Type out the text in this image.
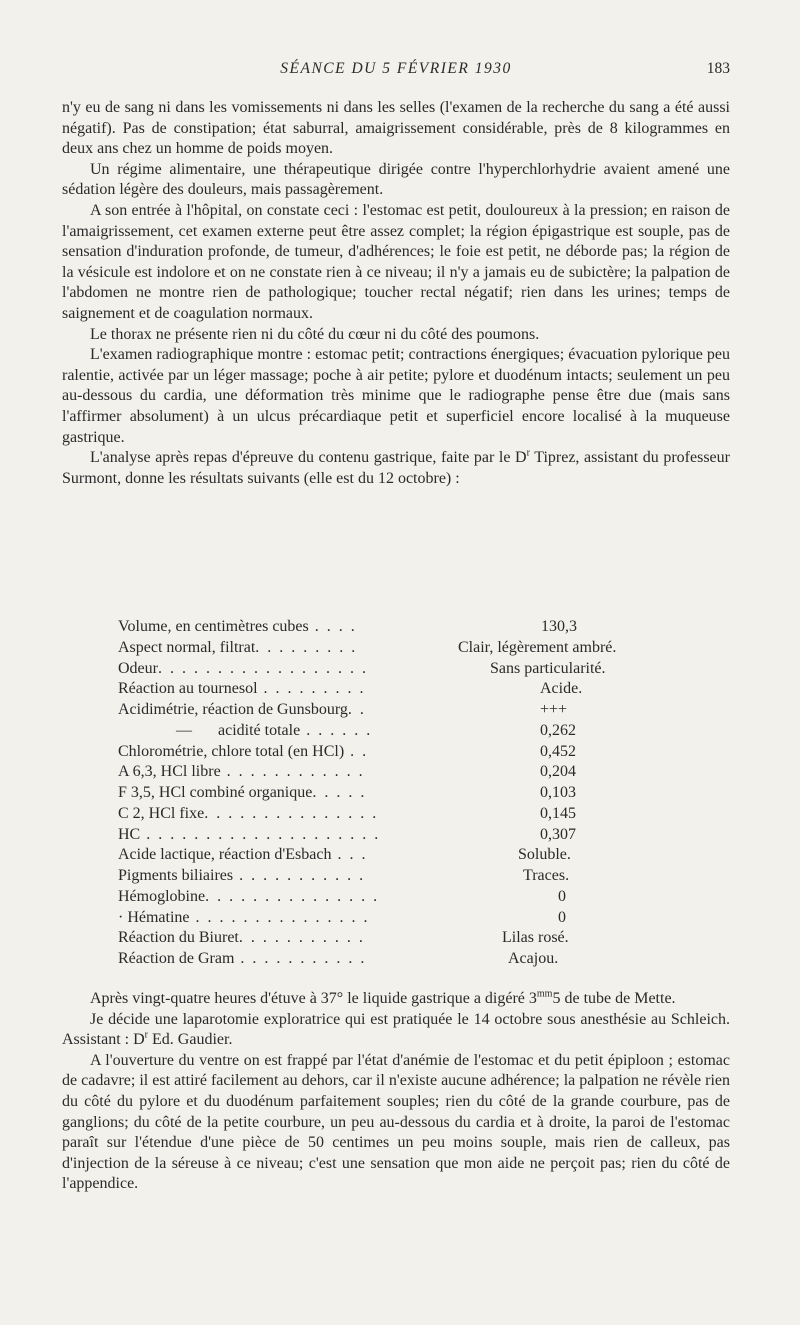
SÉANCE DU 5 FÉVRIER 1930	183

n'y eu de sang ni dans les vomissements ni dans les selles (l'examen de la recherche du sang a été aussi négatif). Pas de constipation; état saburral, amaigrissement considérable, près de 8 kilogrammes en deux ans chez un homme de poids moyen.

Un régime alimentaire, une thérapeutique dirigée contre l'hyperchlorhydrie avaient amené une sédation légère des douleurs, mais passagèrement.

A son entrée à l'hôpital, on constate ceci : l'estomac est petit, douloureux à la pression; en raison de l'amaigrissement, cet examen externe peut être assez complet; la région épigastrique est souple, pas de sensation d'induration profonde, de tumeur, d'adhérences; le foie est petit, ne déborde pas; la région de la vésicule est indolore et on ne constate rien à ce niveau; il n'y a jamais eu de subictère; la palpation de l'abdomen ne montre rien de pathologique; toucher rectal négatif; rien dans les urines; temps de saignement et de coagulation normaux.

Le thorax ne présente rien ni du côté du cœur ni du côté des poumons.

L'examen radiographique montre : estomac petit; contractions énergiques; évacuation pylorique peu ralentie, activée par un léger massage; poche à air petite; pylore et duodénum intacts; seulement un peu au-dessous du cardia, une déformation très minime que le radiographe pense être due (mais sans l'affirmer absolument) à un ulcus précardiaque petit et superficiel encore localisé à la muqueuse gastrique.

L'analyse après repas d'épreuve du contenu gastrique, faite par le $D^r$ Tiprez, assistant du professeur Surmont, donne les résultats suivants (elle est du 12 octobre) :

Volume, en centimètres cubes . . . .	130,3
Aspect normal, filtrat. . . . . . . . .	Clair, légèrement ambré.
Odeur. . . . . . . . . . . . . . . . . .	Sans particularité.
Réaction au tournesol . . . . . . . . .	Acide.
Acidimétrie, réaction de Gunsbourg. .	+++
— acidité totale . . . . . .	0,262
Chlorométrie, chlore total (en HCl) . .	0,452
A 6,3, HCl libre . . . . . . . . . . . .	0,204
F 3,5, HCl combiné organique. . . . .	0,103
C 2, HCl fixe. . . . . . . . . . . . . . .	0,145
HC . . . . . . . . . . . . . . . . . . . .	0,307
Acide lactique, réaction d'Esbach . . .	Soluble.
Pigments biliaires . . . . . . . . . . .	Traces.
Hémoglobine. . . . . . . . . . . . . . .	0
· Hématine . . . . . . . . . . . . . . .	0
Réaction du Biuret. . . . . . . . . . .	Lilas rosé.
Réaction de Gram . . . . . . . . . . .	Acajou.

Après vingt-quatre heures d'étuve à 37° le liquide gastrique a digéré $3^{mm}5$ de tube de Mette.

Je décide une laparotomie exploratrice qui est pratiquée le 14 octobre sous anesthésie au Schleich. Assistant : $D^r$ Ed. Gaudier.

A l'ouverture du ventre on est frappé par l'état d'anémie de l'estomac et du petit épiploon ; estomac de cadavre; il est attiré facilement au dehors, car il n'existe aucune adhérence; la palpation ne révèle rien du côté du pylore et du duodénum parfaitement souples; rien du côté de la grande courbure, pas de ganglions; du côté de la petite courbure, un peu au-dessous du cardia et à droite, la paroi de l'estomac paraît sur l'étendue d'une pièce de 50 centimes un peu moins souple, mais rien de calleux, pas d'injection de la séreuse à ce niveau; c'est une sensation que mon aide ne perçoit pas; rien du côté de l'appendice.
